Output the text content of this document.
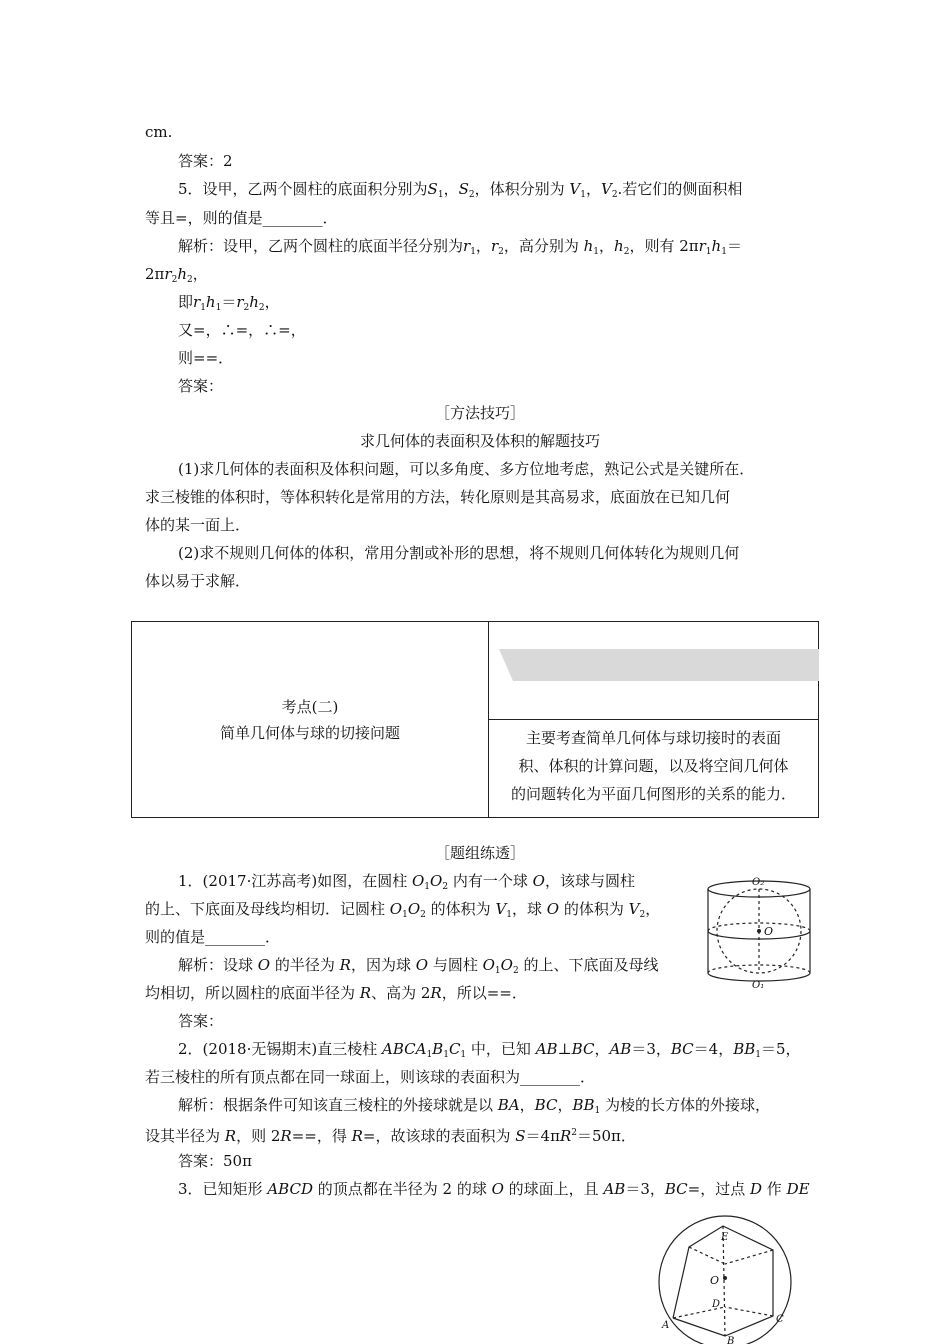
cm.
答案：2
5．设甲，乙两个圆柱的底面积分别为$S_1$，$S_2$，体积分别为 $V_1$，$V_2$.若它们的侧面积相
等且=，则的值是________．
解析：设甲，乙两个圆柱的底面半径分别为$r_1$，$r_2$，高分别为 $h_1$，$h_2$，则有 $2\pi r_1h_1=$
$2\pi r_2h_2$，
即$r_1h_1=r_2h_2$，
又=，∴=，∴=，
则==．
答案：
［方法技巧］
求几何体的表面积及体积的解题技巧
(1)求几何体的表面积及体积问题，可以多角度、多方位地考虑，熟记公式是关键所在．
求三棱锥的体积时，等体积转化是常用的方法，转化原则是其高易求，底面放在已知几何
体的某一面上．
(2)求不规则几何体的体积，常用分割或补形的思想，将不规则几何体转化为规则几何
体以易于求解．
考点(二)
简单几何体与球的切接问题	主要考查简单几何体与球切接时的表面
积、体积的计算问题，以及将空间几何体
的问题转化为平面几何图形的关系的能力．
［题组练透］
1．(2017·江苏高考)如图，在圆柱 $O_1O_2$ 内有一个球 O，该球与圆柱
的上、下底面及母线均相切．记圆柱 $O_1O_2$ 的体积为 $V_1$，球 O 的体积为 $V_2$，
则的值是________．
解析：设球 O 的半径为 R，因为球 O 与圆柱 $O_1O_2$ 的上、下底面及母线
均相切，所以圆柱的底面半径为 R、高为 2R，所以==．
答案：
O₂
O
O₁
2．(2018·无锡期末)直三棱柱 $ABCA_1B_1C_1$ 中，已知 AB⊥BC，AB＝3，BC＝4，$BB_1=5$，
若三棱柱的所有顶点都在同一球面上，则该球的表面积为________．
解析：根据条件可知该直三棱柱的外接球就是以 BA，BC，$BB_1$ 为棱的长方体的外接球，
设其半径为 R，则 2R==，得 R=，故该球的表面积为 $S=4\pi R^2=50\pi$．
答案：50π
3．已知矩形 ABCD 的顶点都在半径为 2 的球 O 的球面上，且 AB＝3，BC=，过点 D 作 DE
E
O
D
A
B
C
